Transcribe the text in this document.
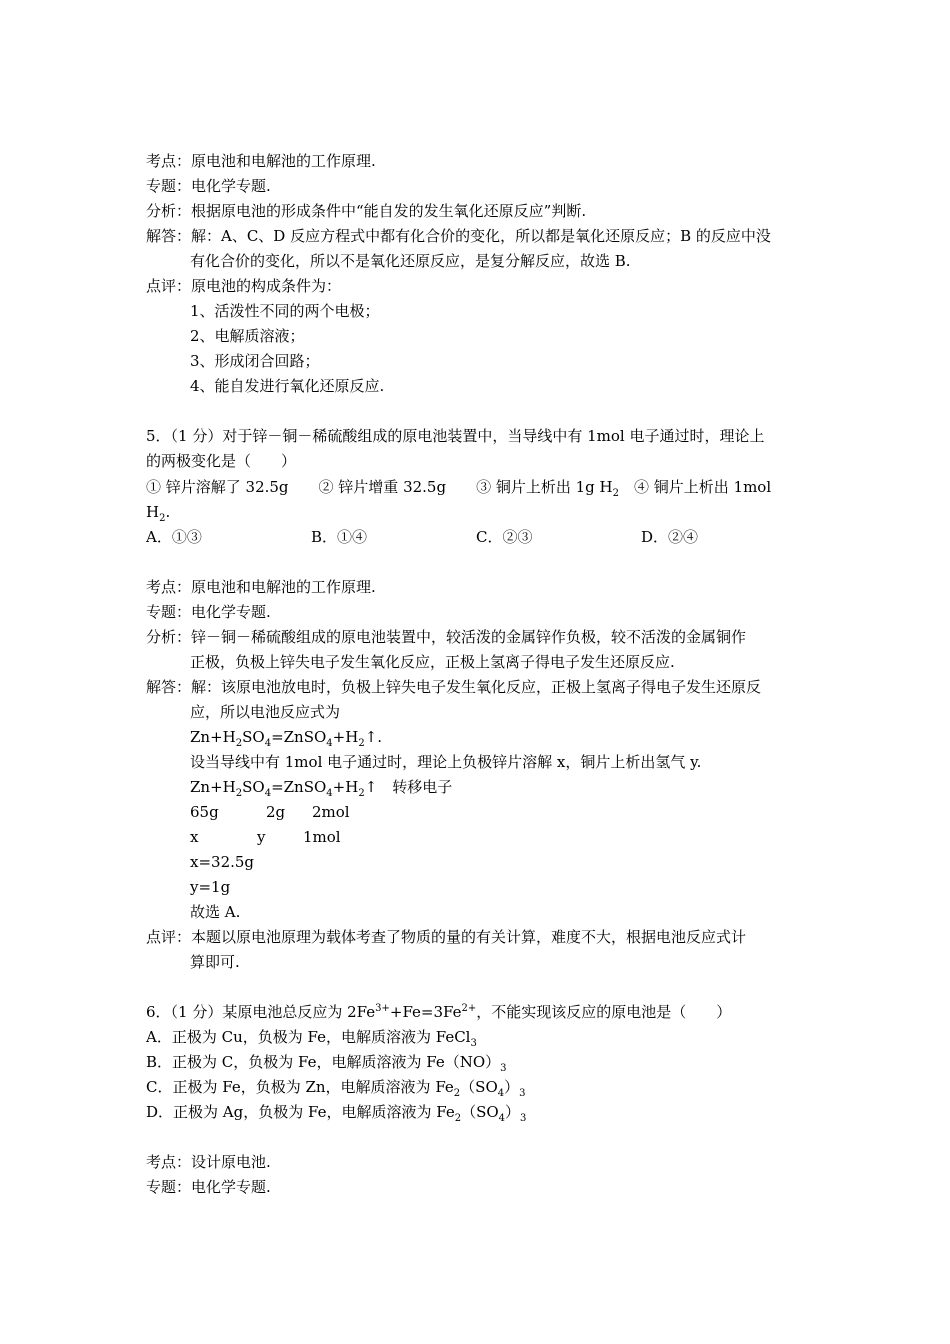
考点：原电池和电解池的工作原理.
专题：电化学专题.
分析：根据原电池的形成条件中“能自发的发生氧化还原反应”判断.
解答：解：A、C、D 反应方程式中都有化合价的变化，所以都是氧化还原反应；B 的反应中没
有化合价的变化，所以不是氧化还原反应，是复分解反应，故选 B.
点评：原电池的构成条件为：
1、活泼性不同的两个电极；
2、电解质溶液；
3、形成闭合回路；
4、能自发进行氧化还原反应.
5．（1 分）对于锌－铜－稀硫酸组成的原电池装置中，当导线中有 1mol 电子通过时，理论上
的两极变化是（　　）
① 锌片溶解了 32.5g　　② 锌片增重 32.5g　　③ 铜片上析出 1g $H_2$　 ④ 铜片上析出 1mol
$H_2$.
A．①③	B．①④	C．②③	D．②④
考点：原电池和电解池的工作原理.
专题：电化学专题.
分析：锌－铜－稀硫酸组成的原电池装置中，较活泼的金属锌作负极，较不活泼的金属铜作
正极，负极上锌失电子发生氧化反应，正极上氢离子得电子发生还原反应.
解答：解：该原电池放电时，负极上锌失电子发生氧化反应，正极上氢离子得电子发生还原反
应，所以电池反应式为
$Zn+H_2SO_4=ZnSO_4+H_2↑$.
设当导线中有 1mol 电子通过时，理论上负极锌片溶解 x，铜片上析出氢气 y.
$Zn+H_2SO_4=ZnSO_4+H_2↑$　转移电子
65g	2g 2mol
x	y	1mol
x=32.5g
y=1g
故选 A.
点评：本题以原电池原理为载体考查了物质的量的有关计算，难度不大，根据电池反应式计
算即可.
6．（1 分）某原电池总反应为 $2Fe^{3+}+Fe=3Fe^{2+}$，不能实现该反应的原电池是（　　）
A．正极为 Cu，负极为 Fe，电解质溶液为 FeCl$_3$
B．正极为 C，负极为 Fe，电解质溶液为 $Fe(NO)_3$
C．正极为 Fe，负极为 Zn，电解质溶液为 $Fe_2(SO_4)_3$
D．正极为 Ag，负极为 Fe，电解质溶液为 $Fe_2(SO_4)_3$
考点：设计原电池.
专题：电化学专题.
